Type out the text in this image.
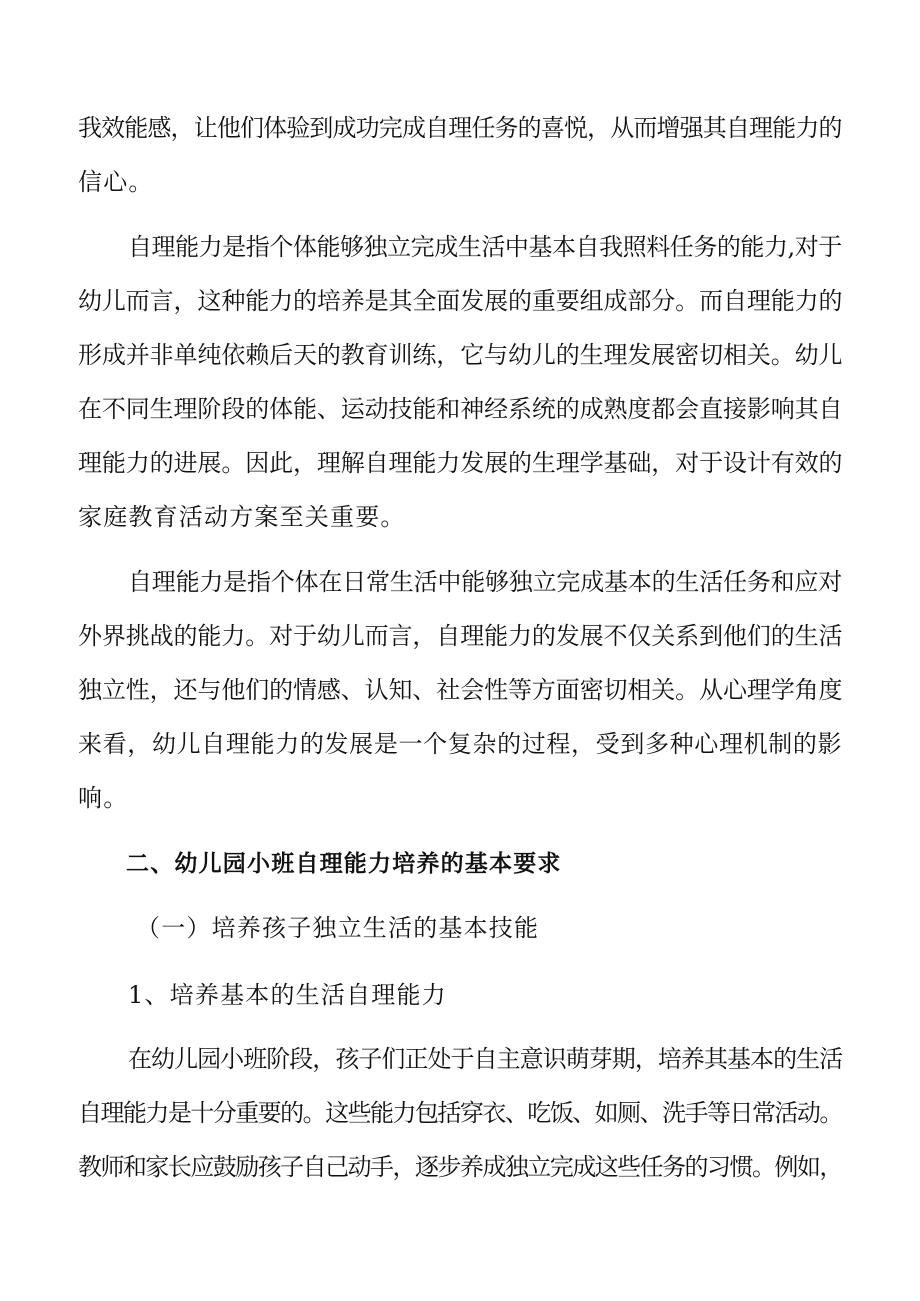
我效能感，让他们体验到成功完成自理任务的喜悦，从而增强其自理能力的
信心。
自理能力是指个体能够独立完成生活中基本自我照料任务的能力,对于
幼儿而言，这种能力的培养是其全面发展的重要组成部分。而自理能力的
形成并非单纯依赖后天的教育训练，它与幼儿的生理发展密切相关。幼儿
在不同生理阶段的体能、运动技能和神经系统的成熟度都会直接影响其自
理能力的进展。因此，理解自理能力发展的生理学基础，对于设计有效的
家庭教育活动方案至关重要。
自理能力是指个体在日常生活中能够独立完成基本的生活任务和应对
外界挑战的能力。对于幼儿而言，自理能力的发展不仅关系到他们的生活
独立性，还与他们的情感、认知、社会性等方面密切相关。从心理学角度
来看，幼儿自理能力的发展是一个复杂的过程，受到多种心理机制的影
响。
二、幼儿园小班自理能力培养的基本要求
（一）培养孩子独立生活的基本技能
1、培养基本的生活自理能力
在幼儿园小班阶段，孩子们正处于自主意识萌芽期，培养其基本的生活
自理能力是十分重要的。这些能力包括穿衣、吃饭、如厕、洗手等日常活动。
教师和家长应鼓励孩子自己动手，逐步养成独立完成这些任务的习惯。例如，
